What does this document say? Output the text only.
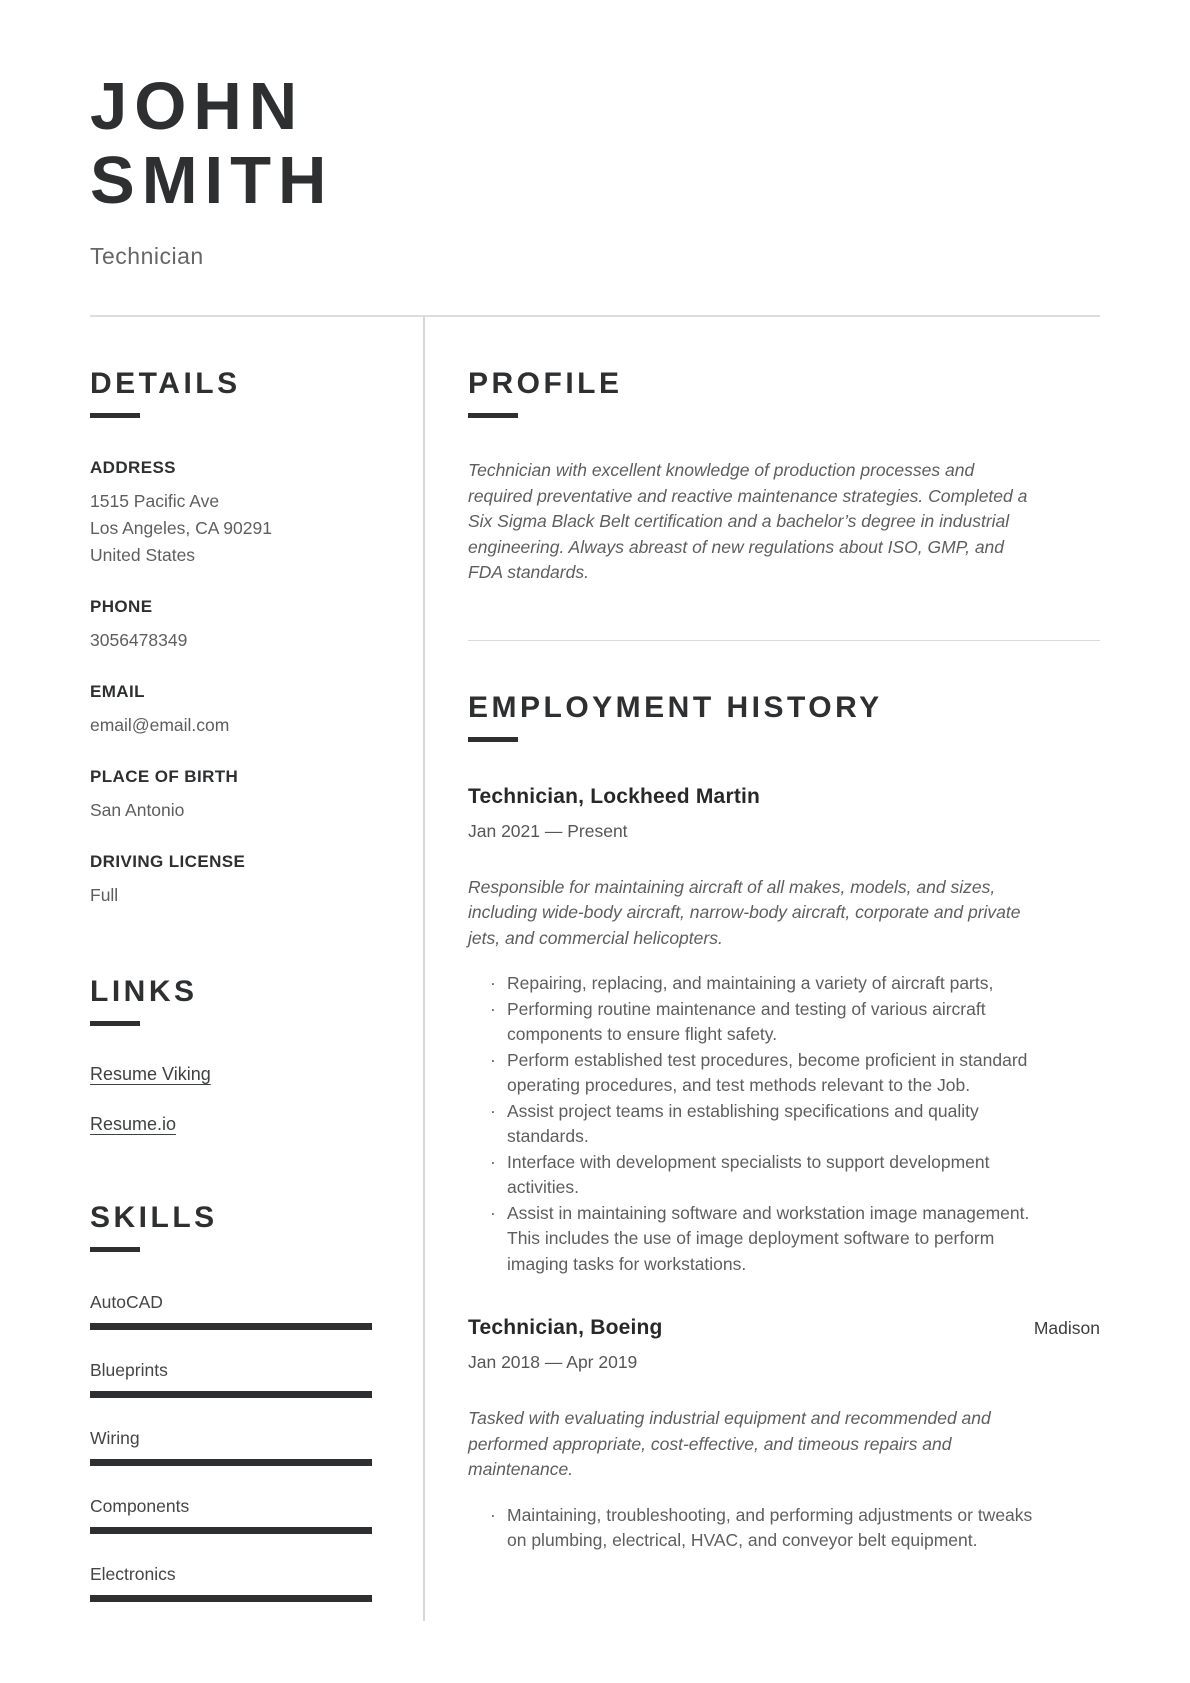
JOHN SMITH
Technician
DETAILS
ADDRESS
1515 Pacific Ave
Los Angeles, CA 90291
United States
PHONE
3056478349
EMAIL
email@email.com
PLACE OF BIRTH
San Antonio
DRIVING LICENSE
Full
LINKS
Resume Viking
Resume.io
SKILLS
AutoCAD
Blueprints
Wiring
Components
Electronics
PROFILE

Technician with excellent knowledge of production processes and required preventative and reactive maintenance strategies. Completed a Six Sigma Black Belt certification and a bachelor’s degree in industrial engineering. Always abreast of new regulations about ISO, GMP, and FDA standards.

EMPLOYMENT HISTORY
Technician, Lockheed Martin
Jan 2021 — Present

Responsible for maintaining aircraft of all makes, models, and sizes, including wide-body aircraft, narrow-body aircraft, corporate and private jets, and commercial helicopters.

· Repairing, replacing, and maintaining a variety of aircraft parts,
· Performing routine maintenance and testing of various aircraft components to ensure flight safety.
· Perform established test procedures, become proficient in standard operating procedures, and test methods relevant to the Job.
· Assist project teams in establishing specifications and quality standards.
· Interface with development specialists to support development activities.
· Assist in maintaining software and workstation image management. This includes the use of image deployment software to perform imaging tasks for workstations.
Technician, Boeing	Madison
Jan 2018 — Apr 2019

Tasked with evaluating industrial equipment and recommended and performed appropriate, cost-effective, and timeous repairs and maintenance.

· Maintaining, troubleshooting, and performing adjustments or tweaks on plumbing, electrical, HVAC, and conveyor belt equipment.
